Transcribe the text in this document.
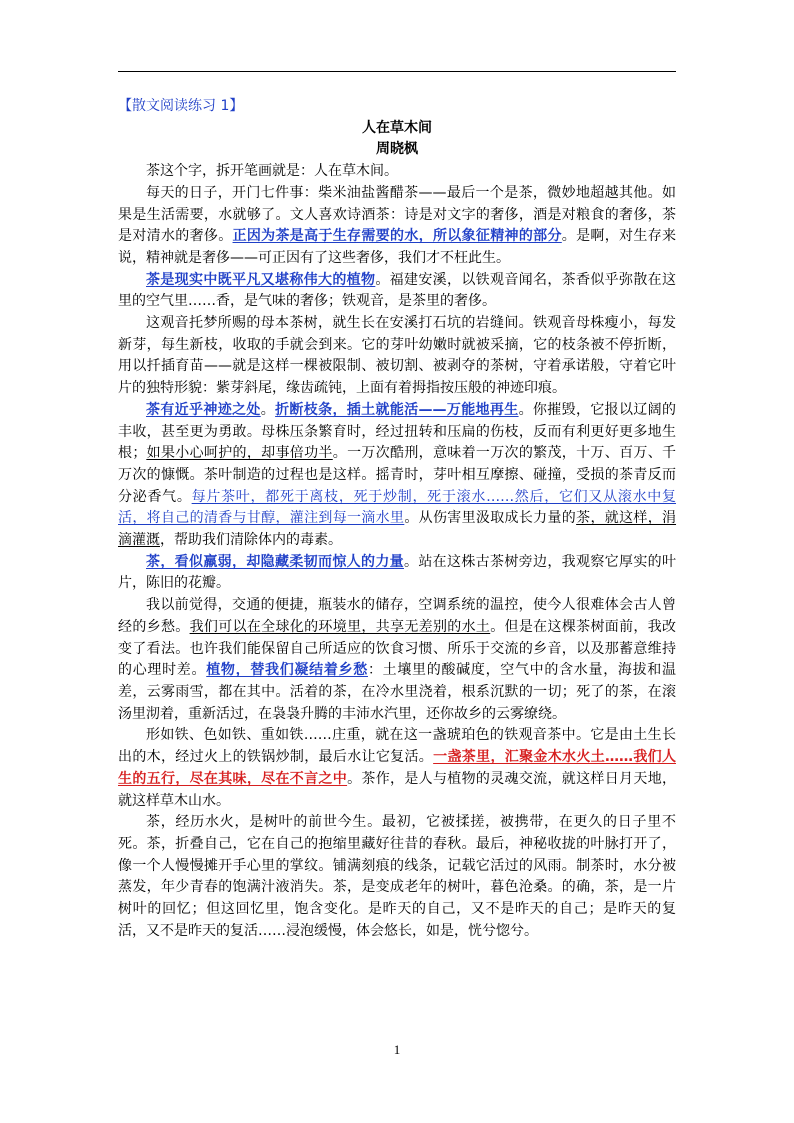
【散文阅读练习 1】

人在草木间

周晓枫

茶这个字，拆开笔画就是：人在草木间。

每天的日子，开门七件事：柴米油盐酱醋茶——最后一个是茶，微妙地超越其他。如果是生活需要，水就够了。文人喜欢诗酒茶：诗是对文字的奢侈，酒是对粮食的奢侈，茶是对清水的奢侈。正因为茶是高于生存需要的水，所以象征精神的部分。是啊，对生存来说，精神就是奢侈——可正因有了这些奢侈，我们才不枉此生。

茶是现实中既平凡又堪称伟大的植物。福建安溪，以铁观音闻名，茶香似乎弥散在这里的空气里……香，是气味的奢侈；铁观音，是茶里的奢侈。

这观音托梦所赐的母本茶树，就生长在安溪打石坑的岩缝间。铁观音母株瘦小，每发新芽，每生新枝，收取的手就会到来。它的芽叶幼嫩时就被采摘，它的枝条被不停折断，用以扦插育苗——就是这样一棵被限制、被切割、被剥夺的茶树，守着承诺般，守着它叶片的独特形貌：紫芽斜尾，缘齿疏钝，上面有着拇指按压般的神迹印痕。

茶有近乎神迹之处。折断枝条，插土就能活——万能地再生。你摧毁，它报以辽阔的丰收，甚至更为勇敢。母株压条繁育时，经过扭转和压扁的伤枝，反而有利更好更多地生根；如果小心呵护的，却事倍功半。一万次酷刑，意味着一万次的繁茂，十万、百万、千万次的慷慨。茶叶制造的过程也是这样。摇青时，芽叶相互摩擦、碰撞，受损的茶青反而分泌香气。每片茶叶，都死于离枝，死于炒制，死于滚水……然后，它们又从滚水中复活，将自己的清香与甘醇，灌注到每一滴水里。从伤害里汲取成长力量的茶，就这样，涓滴灌溉，帮助我们清除体内的毒素。

茶，看似羸弱，却隐藏柔韧而惊人的力量。站在这株古茶树旁边，我观察它厚实的叶片，陈旧的花瓣。

我以前觉得，交通的便捷，瓶装水的储存，空调系统的温控，使今人很难体会古人曾经的乡愁。我们可以在全球化的环境里，共享无差别的水土。但是在这棵茶树面前，我改变了看法。也许我们能保留自己所适应的饮食习惯、所乐于交流的乡音，以及那蓄意维持的心理时差。植物，替我们凝结着乡愁：土壤里的酸碱度，空气中的含水量，海拔和温差，云雾雨雪，都在其中。活着的茶，在冷水里浇着，根系沉默的一切；死了的茶，在滚汤里沏着，重新活过，在袅袅升腾的丰沛水汽里，还你故乡的云雾缭绕。

形如铁、色如铁、重如铁……庄重，就在这一盏琥珀色的铁观音茶中。它是由土生长出的木，经过火上的铁锅炒制，最后水让它复活。一盏茶里，汇聚金木水火土……我们人生的五行，尽在其味，尽在不言之中。茶作，是人与植物的灵魂交流，就这样日月天地，就这样草木山水。

茶，经历水火，是树叶的前世今生。最初，它被揉搓，被携带，在更久的日子里不死。茶，折叠自己，它在自己的抱缩里藏好往昔的春秋。最后，神秘收拢的叶脉打开了，像一个人慢慢摊开手心里的掌纹。铺满刻痕的线条，记载它活过的风雨。制茶时，水分被蒸发，年少青春的饱满汁液消失。茶，是变成老年的树叶，暮色沧桑。的确，茶，是一片树叶的回忆；但这回忆里，饱含变化。是昨天的自己，又不是昨天的自己；是昨天的复活，又不是昨天的复活……浸泡缓慢，体会悠长，如是，恍兮惚兮。

1
